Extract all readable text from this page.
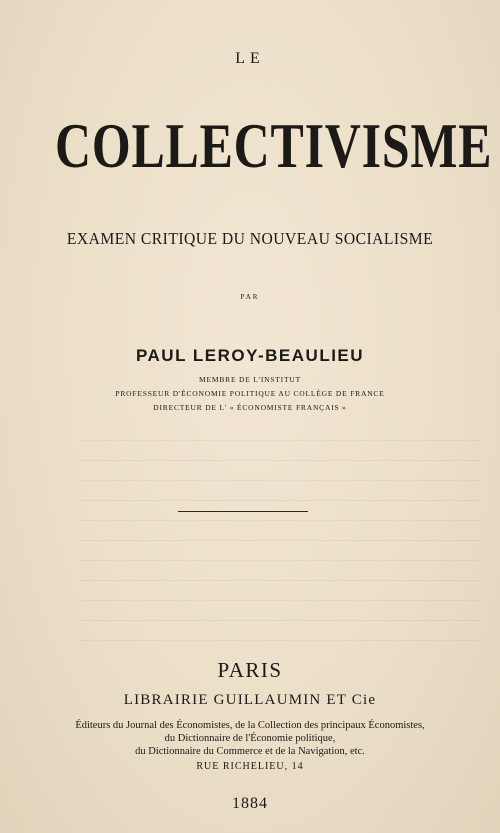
LE
COLLECTIVISME
EXAMEN CRITIQUE DU NOUVEAU SOCIALISME
PAR
PAUL LEROY-BEAULIEU
MEMBRE DE L'INSTITUT
PROFESSEUR D'ÉCONOMIE POLITIQUE AU COLLÈGE DE FRANCE
DIRECTEUR DE L' « ÉCONOMISTE FRANÇAIS »
PARIS
LIBRAIRIE GUILLAUMIN ET Cie
Éditeurs du Journal des Économistes, de la Collection des principaux Économistes,
du Dictionnaire de l'Économie politique,
du Dictionnaire du Commerce et de la Navigation, etc.
RUE RICHELIEU, 14
1884
